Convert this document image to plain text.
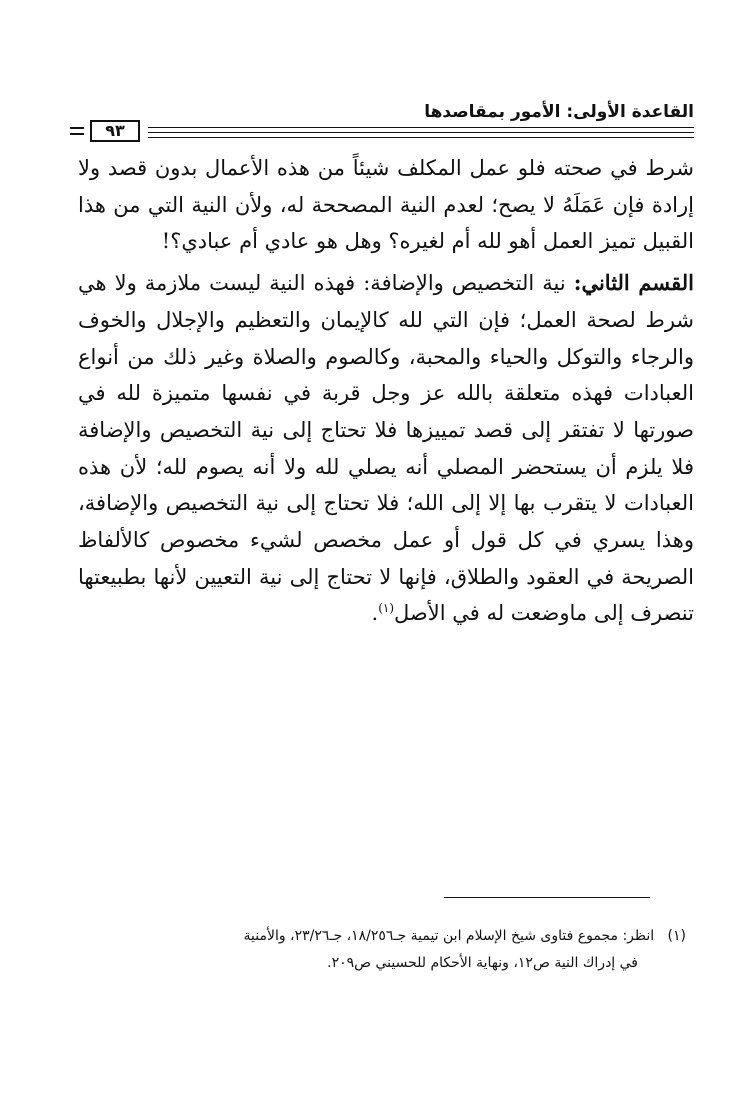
القاعدة الأولى: الأمور بمقاصدها
٩٣

شرط في صحته فلو عمل المكلف شيئاً من هذه الأعمال بدون قصد ولا إرادة فإن عَمَلَهُ لا يصح؛ لعدم النية المصححة له، ولأن النية التي من هذا القبيل تميز العمل أهو لله أم لغيره؟ وهل هو عادي أم عبادي؟!

القسم الثاني: نية التخصيص والإضافة: فهذه النية ليست ملازمة ولا هي شرط لصحة العمل؛ فإن التي لله كالإيمان والتعظيم والإجلال والخوف والرجاء والتوكل والحياء والمحبة، وكالصوم والصلاة وغير ذلك من أنواع العبادات فهذه متعلقة بالله عز وجل قربة في نفسها متميزة لله في صورتها لا تفتقر إلى قصد تمييزها فلا تحتاج إلى نية التخصيص والإضافة فلا يلزم أن يستحضر المصلي أنه يصلي لله ولا أنه يصوم لله؛ لأن هذه العبادات لا يتقرب بها إلا إلى الله؛ فلا تحتاج إلى نية التخصيص والإضافة، وهذا يسري في كل قول أو عمل مخصص لشيء مخصوص كالألفاظ الصريحة في العقود والطلاق، فإنها لا تحتاج إلى نية التعيين لأنها بطبيعتها تنصرف إلى ماوضعت له في الأصل$^{(١)}$.

(١)   انظر: مجموع فتاوى شيخ الإسلام ابن تيمية جـ١٨/٢٥٦، جـ٢٣/٢٦، والأمنية

في إدراك النية ص١٢، ونهاية الأحكام للحسيني ص٢٠٩.
